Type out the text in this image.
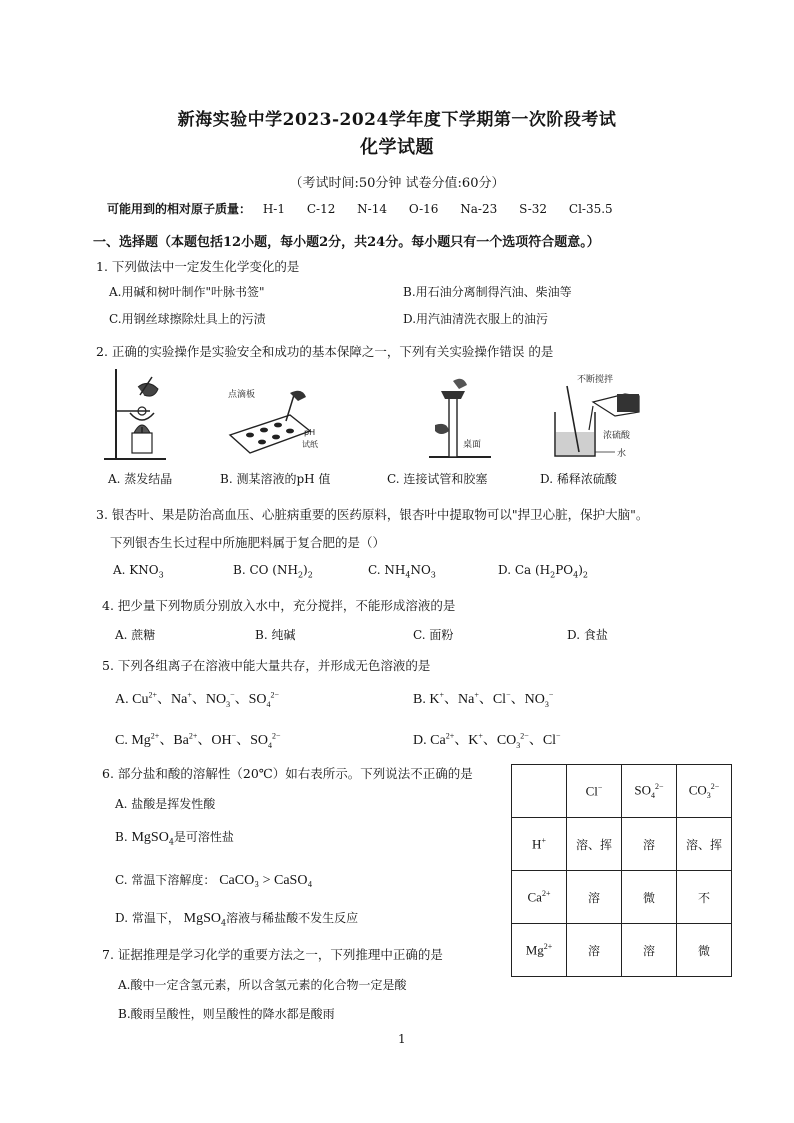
新海实验中学2023-2024学年度下学期第一次阶段考试
化学试题
（考试时间:50分钟 试卷分值:60分）
可能用到的相对原子质量： H-1 C-12 N-14 O-16 Na-23 S-32 Cl-35.5
一、选择题（本题包括12小题，每小题2分，共24分。每小题只有一个选项符合题意。）
1. 下列做法中一定发生化学变化的是
A.用碱和树叶制作"叶脉书签"	B.用石油分离制得汽油、柴油等
C.用钢丝球擦除灶具上的污渍	D.用汽油清洗衣服上的油污
2. 正确的实验操作是实验安全和成功的基本保障之一，下列有关实验操作错误 的是
点滴板
pH
试纸	桌面
不断搅拌
浓硫酸
水
A. 蒸发结晶	B. 测某溶液的pH 值	C. 连接试管和胶塞	D. 稀释浓硫酸
3. 银杏叶、果是防治高血压、心脏病重要的医药原料，银杏叶中提取物可以"捍卫心脏，保护大脑"。
下列银杏生长过程中所施肥料属于复合肥的是（）
A. $KNO_3$	B. CO $(NH_2)_2$	C. $NH_4NO_3$	D. Ca $(H_2PO_4)_2$
4. 把少量下列物质分别放入水中，充分搅拌，不能形成溶液的是
A. 蔗糖	B. 纯碱	C. 面粉	D. 食盐
5. 下列各组离子在溶液中能大量共存，并形成无色溶液的是
A. $Cu^{2+}$、Na+、$NO_3^-$、$SO_4^{2-}$	B. K+、Na+、Cl−、$NO_3^-$
C. $Mg^{2+}$、$Ba^{2+}$、OH−、$SO_4^{2-}$	D. $Ca^{2+}$、K+、$CO_3^{2-}$、Cl−
6. 部分盐和酸的溶解性（20℃）如右表所示。下列说法不正确的是
A. 盐酸是挥发性酸
B. MgSO$_4$是可溶性盐
C. 常温下溶解度： CaCO₃ > CaSO₄
D. 常温下， MgSO$_4$溶液与稀盐酸不发生反应
	Cl−	$SO_4^{2-}$	$CO_3^{2-}$
H+	溶、挥	溶	溶、挥
$Ca^{2+}$	溶	微	不
$Mg^{2+}$	溶	溶	微
7. 证据推理是学习化学的重要方法之一，下列推理中正确的是
A.酸中一定含氢元素，所以含氢元素的化合物一定是酸
B.酸雨呈酸性，则呈酸性的降水都是酸雨
1
